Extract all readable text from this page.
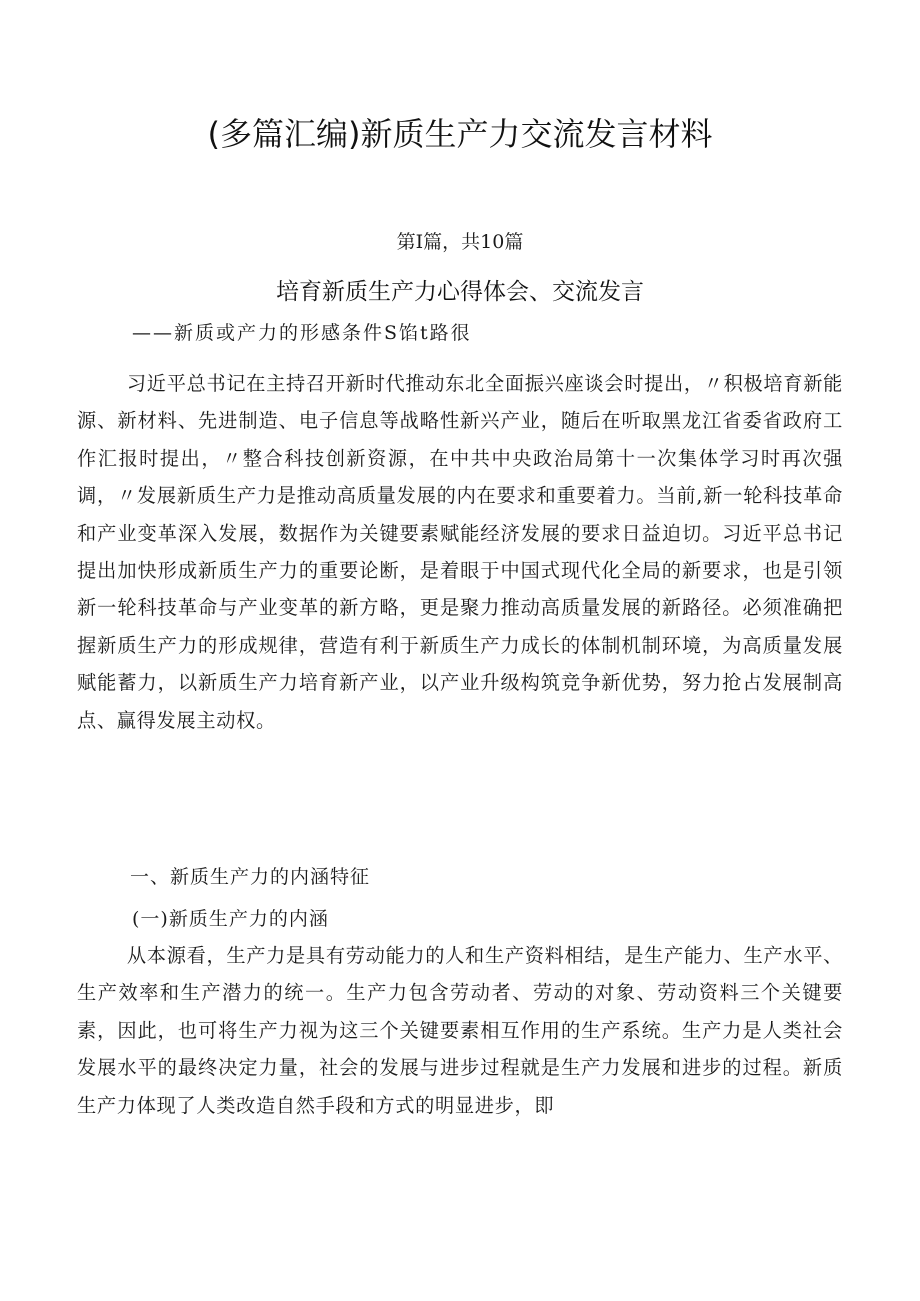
(多篇汇编)新质生产力交流发言材料
第Ⅰ篇，共10篇
培育新质生产力心得体会、交流发言
——新质或产力的形感条件S馅t路很

习近平总书记在主持召开新时代推动东北全面振兴座谈会时提出，〃积极培育新能源、新材料、先进制造、电子信息等战略性新兴产业，随后在听取黑龙江省委省政府工作汇报时提出，〃整合科技创新资源，在中共中央政治局第十一次集体学习时再次强调，〃发展新质生产力是推动高质量发展的内在要求和重要着力。当前,新一轮科技革命和产业变革深入发展，数据作为关键要素赋能经济发展的要求日益迫切。习近平总书记提出加快形成新质生产力的重要论断，是着眼于中国式现代化全局的新要求，也是引领新一轮科技革命与产业变革的新方略，更是聚力推动高质量发展的新路径。必须准确把握新质生产力的形成规律，营造有利于新质生产力成长的体制机制环境，为高质量发展赋能蓄力，以新质生产力培育新产业，以产业升级构筑竞争新优势，努力抢占发展制高点、赢得发展主动权。

一、新质生产力的内涵特征
(一)新质生产力的内涵

从本源看，生产力是具有劳动能力的人和生产资料相结，是生产能力、生产水平、生产效率和生产潜力的统一。生产力包含劳动者、劳动的对象、劳动资料三个关键要素，因此，也可将生产力视为这三个关键要素相互作用的生产系统。生产力是人类社会发展水平的最终决定力量，社会的发展与进步过程就是生产力发展和进步的过程。新质生产力体现了人类改造自然手段和方式的明显进步，即
